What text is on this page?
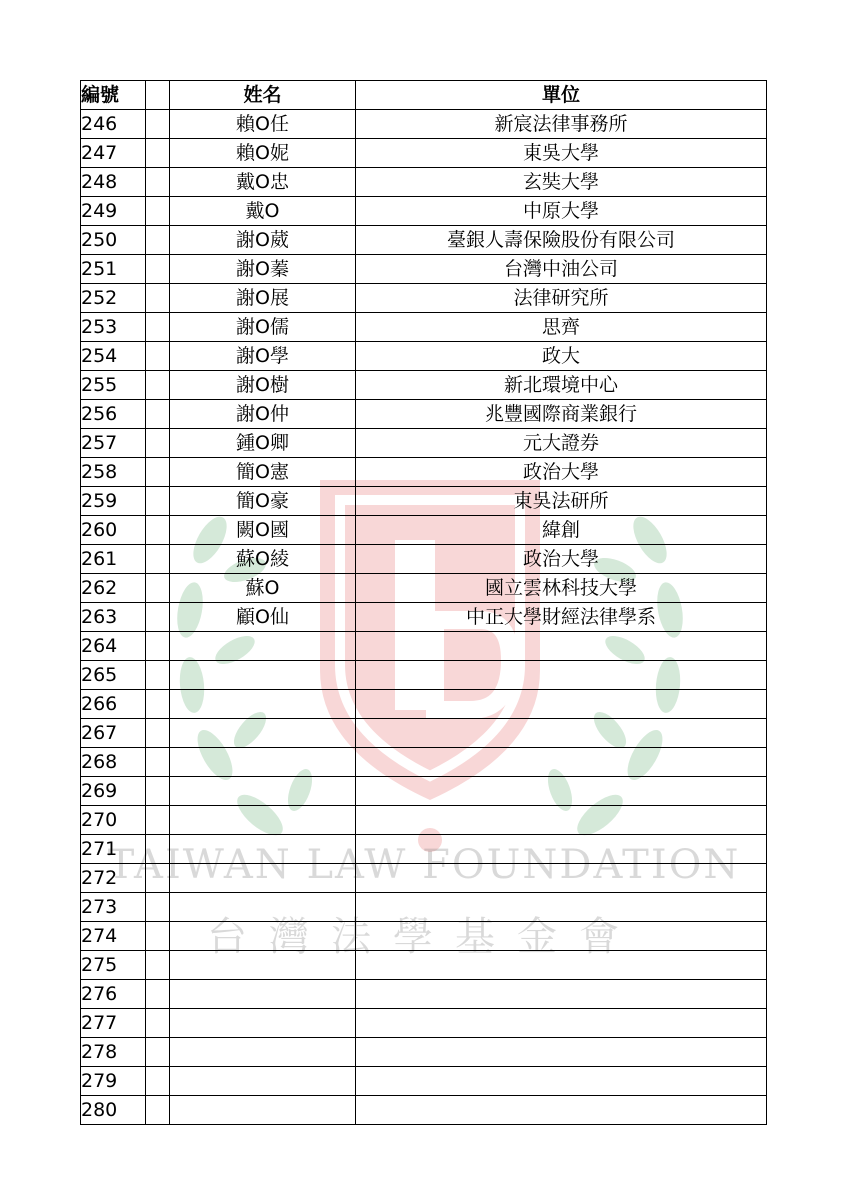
TAIWAN LAW FOUNDATION
台灣法學基金會
編號		姓名	單位
246		賴O任	新宸法律事務所
247		賴O妮	東吳大學
248		戴O忠	玄奘大學
249		戴O	中原大學
250		謝O葳	臺銀人壽保險股份有限公司
251		謝O蓁	台灣中油公司
252		謝O展	法律研究所
253		謝O儒	思齊
254		謝O學	政大
255		謝O樹	新北環境中心
256		謝O仲	兆豐國際商業銀行
257		鍾O卿	元大證券
258		簡O憲	政治大學
259		簡O豪	東吳法研所
260		闕O國	緯創
261		蘇O綾	政治大學
262		蘇O	國立雲林科技大學
263		顧O仙	中正大學財經法律學系
264			
265			
266			
267			
268			
269			
270			
271			
272			
273			
274			
275			
276			
277			
278			
279			
280			
